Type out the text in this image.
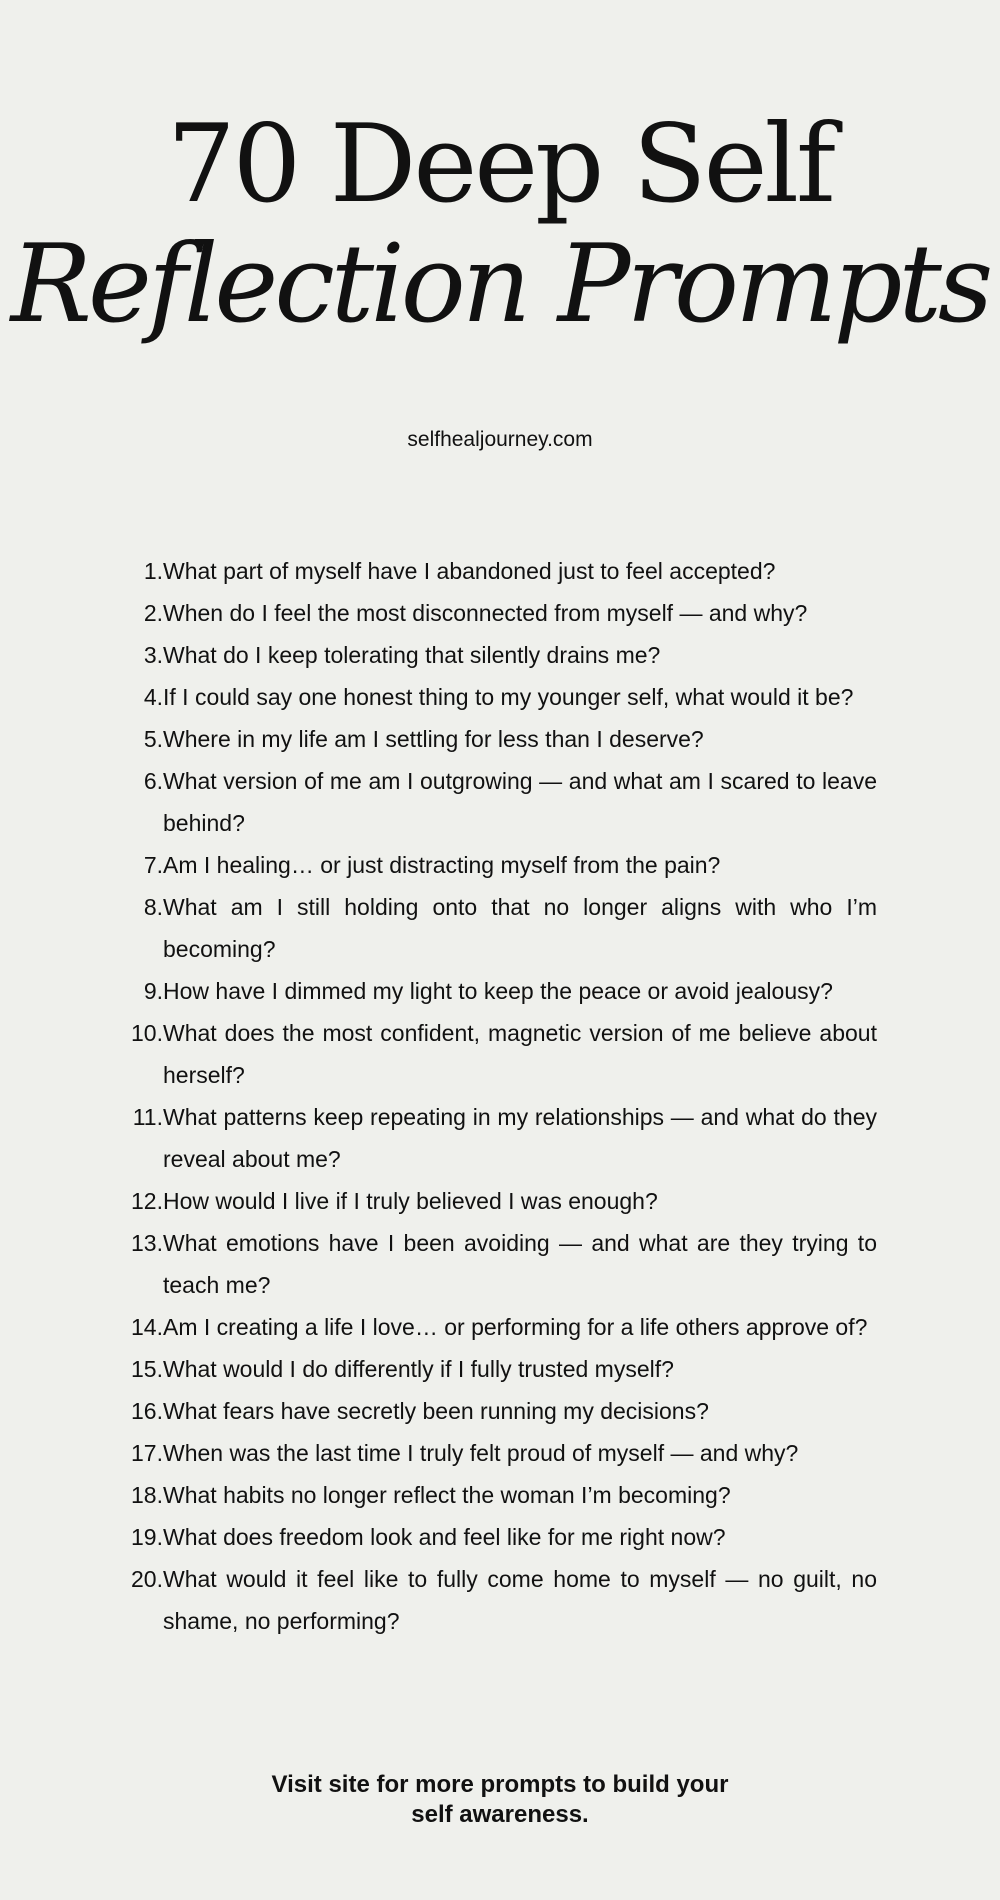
70 Deep Self
Reflection Prompts
selfhealjourney.com
1. What part of myself have I abandoned just to feel accepted?
2. When do I feel the most disconnected from myself — and why?
3. What do I keep tolerating that silently drains me?
4. If I could say one honest thing to my younger self, what would it be?
5. Where in my life am I settling for less than I deserve?
6. What version of me am I outgrowing — and what am I scared to leave behind?
7. Am I healing… or just distracting myself from the pain?
8. What am I still holding onto that no longer aligns with who I’m becoming?
9. How have I dimmed my light to keep the peace or avoid jealousy?
10. What does the most confident, magnetic version of me believe about herself?
11. What patterns keep repeating in my relationships — and what do they reveal about me?
12. How would I live if I truly believed I was enough?
13. What emotions have I been avoiding — and what are they trying to teach me?
14. Am I creating a life I love… or performing for a life others approve of?
15. What would I do differently if I fully trusted myself?
16. What fears have secretly been running my decisions?
17. When was the last time I truly felt proud of myself — and why?
18. What habits no longer reflect the woman I’m becoming?
19. What does freedom look and feel like for me right now?
20. What would it feel like to fully come home to myself — no guilt, no shame, no performing?
Visit site for more prompts to build your
self awareness.
